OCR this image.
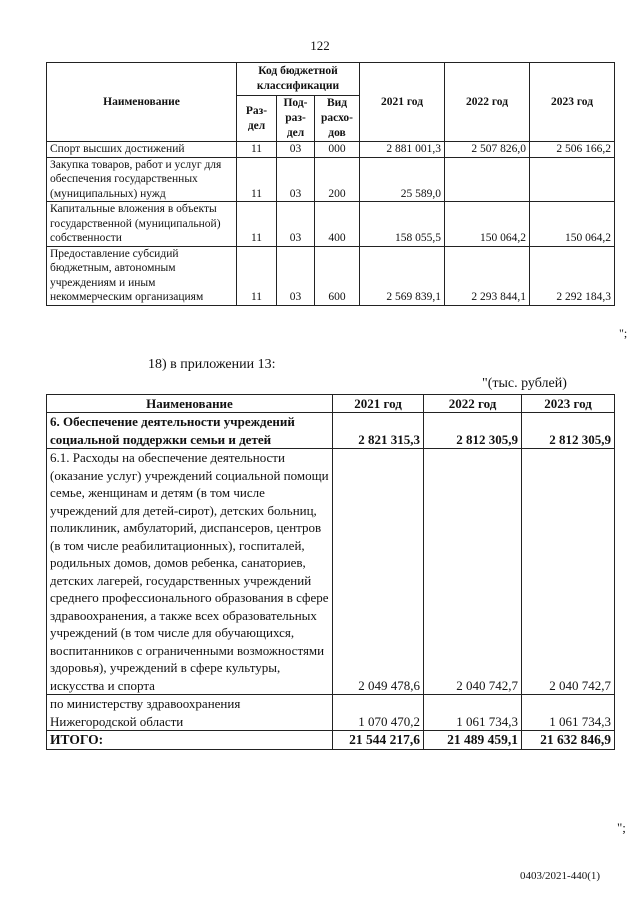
122
Наименование	Код бюджетной классификации			2021 год	2022 год	2023 год
	Раз-дел	Под-раз-дел	Вид расхо-дов			
Спорт высших достижений	11	03	000	2 881 001,3	2 507 826,0	2 506 166,2
Закупка товаров, работ и услуг для обеспечения государственных (муниципальных) нужд	11	03	200	25 589,0		
Капитальные вложения в объекты государственной (муниципальной) собственности	11	03	400	158 055,5	150 064,2	150 064,2
Предоставление субсидий бюджетным, автономным учреждениям и иным некоммерческим организациям	11	03	600	2 569 839,1	2 293 844,1	2 292 184,3
";
18) в приложении 13:
"(тыс. рублей)
Наименование	2021 год	2022 год	2023 год
6. Обеспечение деятельности учреждений социальной поддержки семьи и детей	2 821 315,3	2 812 305,9	2 812 305,9
6.1. Расходы на обеспечение деятельности (оказание услуг) учреждений социальной помощи семье, женщинам и детям (в том числе учреждений для детей-сирот), детских больниц, поликлиник, амбулаторий, диспансеров, центров (в том числе реабилитационных), госпиталей, родильных домов, домов ребенка, санаториев, детских лагерей, государственных учреждений среднего профессионального образования в сфере здравоохранения, а также всех образовательных учреждений (в том числе для обучающихся, воспитанников с ограниченными возможностями здоровья), учреждений в сфере культуры, искусства и спорта	2 049 478,6	2 040 742,7	2 040 742,7
по министерству здравоохранения Нижегородской области	1 070 470,2	1 061 734,3	1 061 734,3
ИТОГО:	21 544 217,6	21 489 459,1	21 632 846,9
";
0403/2021-440(1)
